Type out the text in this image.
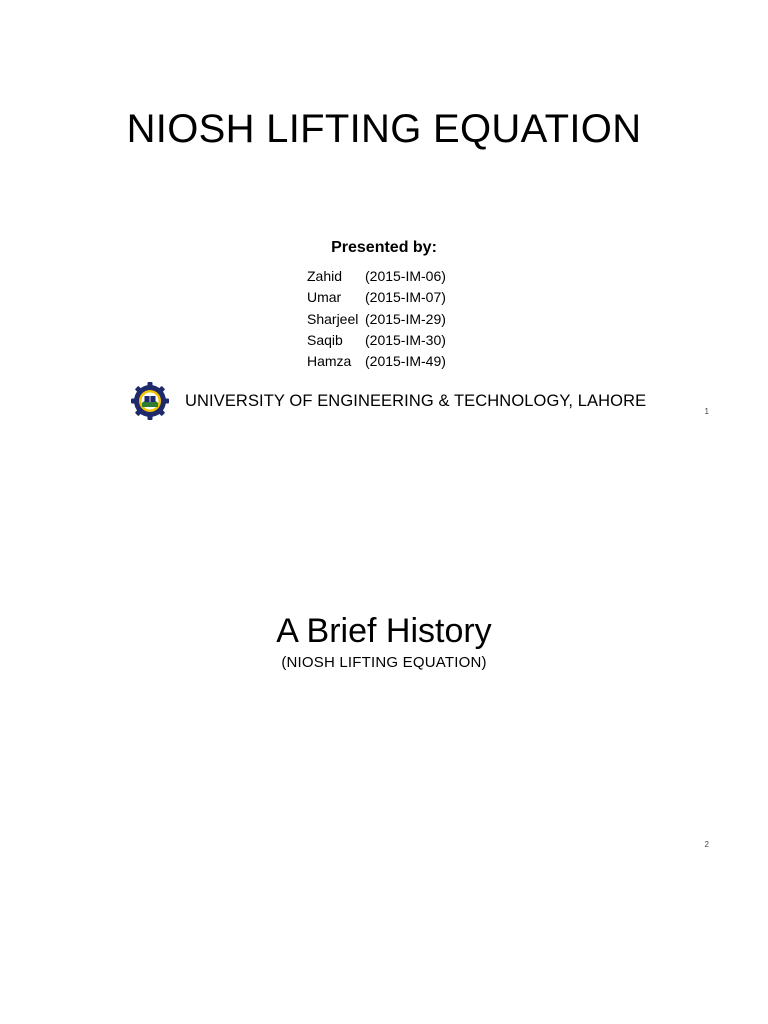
NIOSH LIFTING EQUATION
Presented by:
Zahid	(2015-IM-06)
Umar	(2015-IM-07)
Sharjeel (2015-IM-29)
Saqib	(2015-IM-30)
Hamza (2015-IM-49)
UNIVERSITY OF ENGINEERING & TECHNOLOGY, LAHORE
1
A Brief History
(NIOSH LIFTING EQUATION)
2
